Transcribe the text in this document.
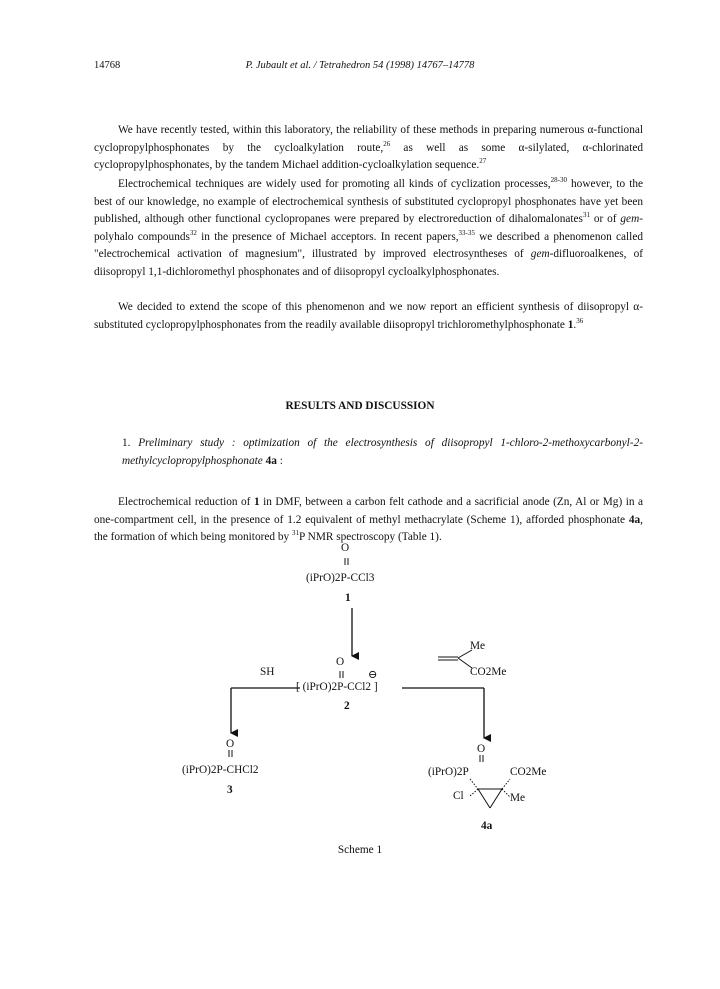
14768	P. Jubault et al. / Tetrahedron 54 (1998) 14767–14778
We have recently tested, within this laboratory, the reliability of these methods in preparing numerous α-functional cyclopropylphosphonates by the cycloalkylation route,$^{26}$ as well as some α-silylated, α-chlorinated cyclopropylphosphonates, by the tandem Michael addition-cycloalkylation sequence.$^{27}$
Electrochemical techniques are widely used for promoting all kinds of cyclization processes,$^{28-30}$ however, to the best of our knowledge, no example of electrochemical synthesis of substituted cyclopropyl phosphonates have yet been published, although other functional cyclopropanes were prepared by electroreduction of dihalomalonates$^{31}$ or of gem-polyhalo compounds$^{32}$ in the presence of Michael acceptors. In recent papers,$^{33-35}$ we described a phenomenon called "electrochemical activation of magnesium", illustrated by improved electrosyntheses of gem-difluoroalkenes, of diisopropyl 1,1-dichloromethyl phosphonates and of diisopropyl cycloalkylphosphonates.
We decided to extend the scope of this phenomenon and we now report an efficient synthesis of diisopropyl α-substituted cyclopropylphosphonates from the readily available diisopropyl trichloromethylphosphonate 1.36
RESULTS AND DISCUSSION
1. Preliminary study : optimization of the electrosynthesis of diisopropyl 1-chloro-2-methoxycarbonyl-2-methylcyclopropylphosphonate 4a :
Electrochemical reduction of 1 in DMF, between a carbon felt cathode and a sacrificial anode (Zn, Al or Mg) in a one-compartment cell, in the presence of 1.2 equivalent of methyl methacrylate (Scheme 1), afforded phosphonate 4a, the formation of which being monitored by $^{31}$P NMR spectroscopy (Table 1).
O
(iPrO)2P-CCl3
1
O
⊖
SH
[ (iPrO)2P-CCl2 ]
2
Me
CO2Me
O
(iPrO)2P-CHCl2
3
O
(iPrO)2P	CO2Me
Cl	Me
4a
Scheme 1
